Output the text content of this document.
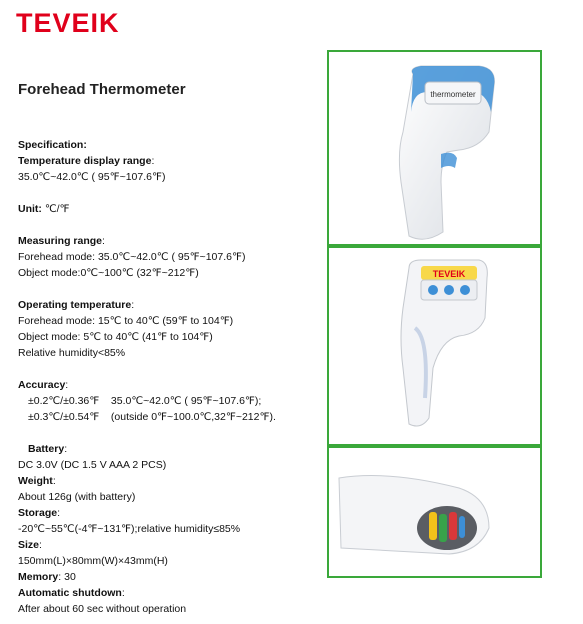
TEVEIK
Forehead Thermometer
Specification:
Temperature display range:
35.0℃~42.0℃ ( 95℉~107.6℉)
Unit: ℃/℉
Measuring range:
Forehead mode: 35.0℃~42.0℃ ( 95℉~107.6℉)
Object mode:0℃~100℃ (32℉~212℉)
Operating temperature:
Forehead mode: 15℃ to 40℃ (59℉ to 104℉)
Object mode: 5℃ to 40℃ (41℉ to 104℉)
Relative humidity<85%
Accuracy:
±0.2℃/±0.36℉    35.0℃~42.0℃ ( 95℉~107.6℉);
±0.3℃/±0.54℉    (outside 0℉~100.0℃,32℉~212℉).
Battery:
DC 3.0V (DC 1.5 V AAA 2 PCS)
Weight:
About 126g (with battery)
Storage:
-20℃~55℃(-4℉~131℉);relative humidity≤85%
Size:
150mm(L)×80mm(W)×43mm(H)
Memory: 30
Automatic shutdown:
After about 60 sec without operation
thermometer
TEVEIK
